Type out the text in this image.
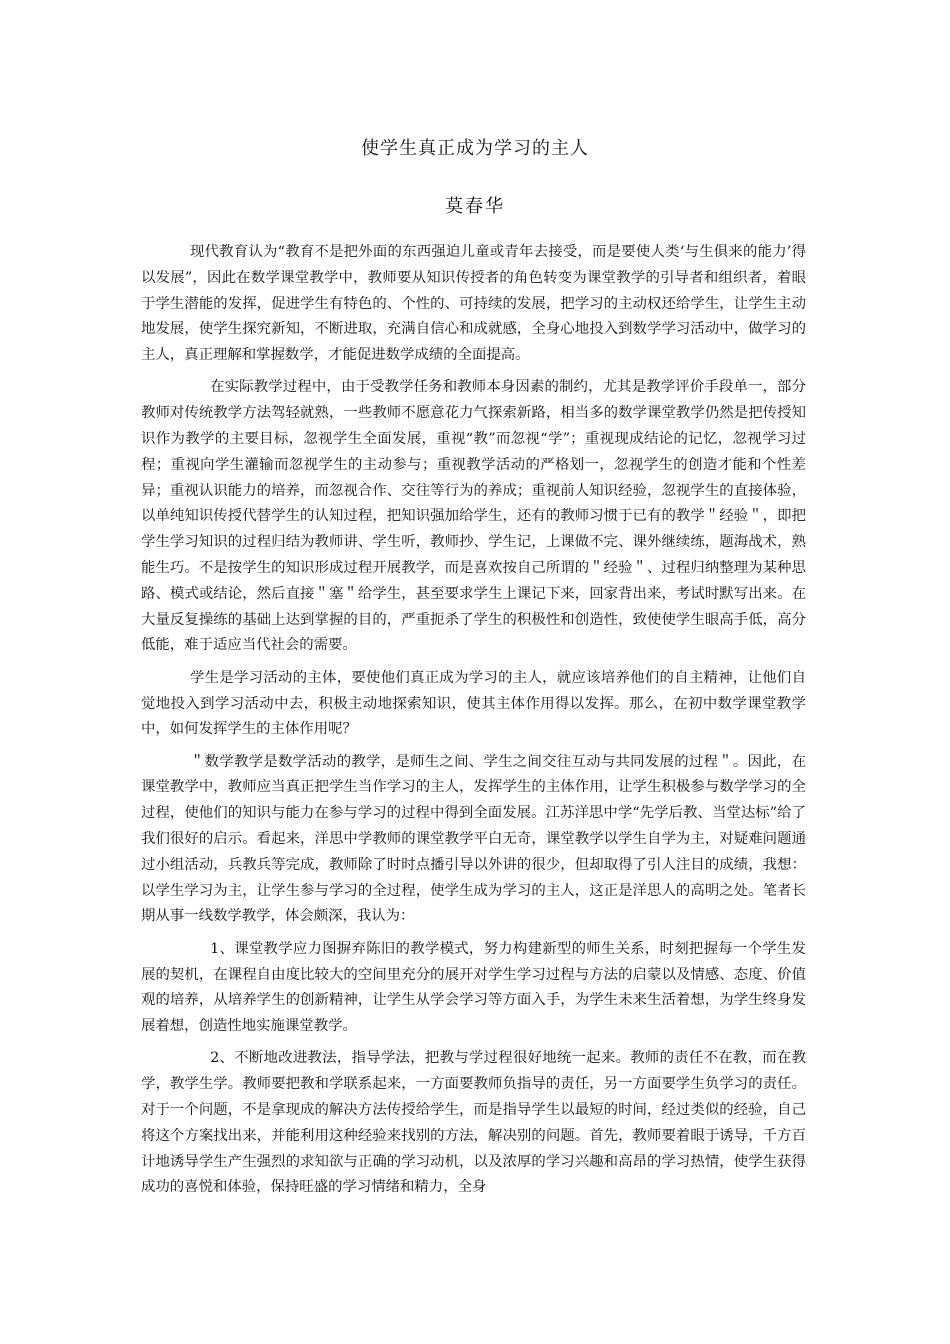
使学生真正成为学习的主人
莫春华

现代教育认为“教育不是把外面的东西强迫儿童或青年去接受，而是要使人类‘与生俱来的能力’得以发展”，因此在数学课堂教学中，教师要从知识传授者的角色转变为课堂教学的引导者和组织者，着眼于学生潜能的发挥，促进学生有特色的、个性的、可持续的发展，把学习的主动权还给学生，让学生主动地发展，使学生探究新知，不断进取，充满自信心和成就感，全身心地投入到数学学习活动中，做学习的主人，真正理解和掌握数学，才能促进数学成绩的全面提高。

在实际教学过程中，由于受教学任务和教师本身因素的制约，尤其是教学评价手段单一，部分教师对传统教学方法驾轻就熟，一些教师不愿意花力气探索新路，相当多的数学课堂教学仍然是把传授知识作为教学的主要目标，忽视学生全面发展，重视“教”而忽视“学”；重视现成结论的记忆，忽视学习过程；重视向学生灌输而忽视学生的主动参与；重视教学活动的严格划一，忽视学生的创造才能和个性差异；重视认识能力的培养，而忽视合作、交往等行为的养成；重视前人知识经验，忽视学生的直接体验，以单纯知识传授代替学生的认知过程，把知识强加给学生，还有的教师习惯于已有的教学＂经验＂，即把学生学习知识的过程归结为教师讲、学生听，教师抄、学生记，上课做不完、课外继续练，题海战术，熟能生巧。不是按学生的知识形成过程开展教学，而是喜欢按自己所谓的＂经验＂、过程归纳整理为某种思路、模式或结论，然后直接＂塞＂给学生，甚至要求学生上课记下来，回家背出来，考试时默写出来。在大量反复操练的基础上达到掌握的目的，严重扼杀了学生的积极性和创造性，致使使学生眼高手低，高分低能，难于适应当代社会的需要。

学生是学习活动的主体，要使他们真正成为学习的主人，就应该培养他们的自主精神，让他们自觉地投入到学习活动中去，积极主动地探索知识，使其主体作用得以发挥。那么，在初中数学课堂教学中，如何发挥学生的主体作用呢？

＂数学教学是数学活动的教学，是师生之间、学生之间交往互动与共同发展的过程＂。因此，在课堂教学中，教师应当真正把学生当作学习的主人，发挥学生的主体作用，让学生积极参与数学学习的全过程，使他们的知识与能力在参与学习的过程中得到全面发展。江苏洋思中学“先学后教、当堂达标”给了我们很好的启示。看起来，洋思中学教师的课堂教学平白无奇，课堂教学以学生自学为主，对疑难问题通过小组活动，兵教兵等完成，教师除了时时点播引导以外讲的很少，但却取得了引人注目的成绩，我想：以学生学习为主，让学生参与学习的全过程，使学生成为学习的主人，这正是洋思人的高明之处。笔者长期从事一线数学教学，体会颇深，我认为：

1、课堂教学应力图摒弃陈旧的教学模式，努力构建新型的师生关系，时刻把握每一个学生发展的契机，在课程自由度比较大的空间里充分的展开对学生学习过程与方法的启蒙以及情感、态度、价值观的培养，从培养学生的创新精神，让学生从学会学习等方面入手，为学生未来生活着想，为学生终身发展着想，创造性地实施课堂教学。

2、不断地改进教法，指导学法，把教与学过程很好地统一起来。教师的责任不在教，而在教学，教学生学。教师要把教和学联系起来，一方面要教师负指导的责任，另一方面要学生负学习的责任。对于一个问题，不是拿现成的解决方法传授给学生，而是指导学生以最短的时间，经过类似的经验，自己将这个方案找出来，并能利用这种经验来找别的方法，解决别的问题。首先，教师要着眼于诱导，千方百计地诱导学生产生强烈的求知欲与正确的学习动机，以及浓厚的学习兴趣和高昂的学习热情，使学生获得成功的喜悦和体验，保持旺盛的学习情绪和精力，全身
